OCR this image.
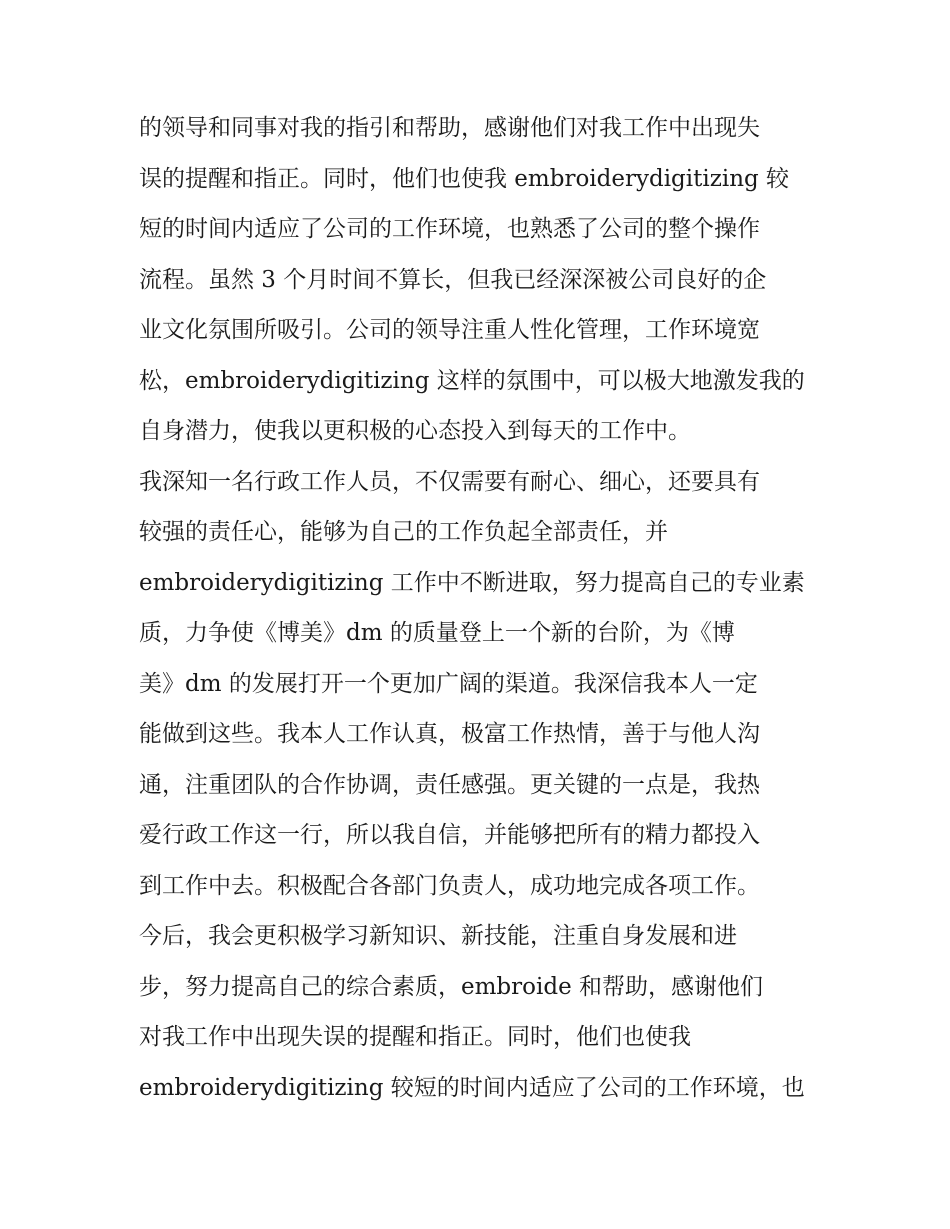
的领导和同事对我的指引和帮助，感谢他们对我工作中出现失
误的提醒和指正。同时，他们也使我 embroiderydigitizing 较
短的时间内适应了公司的工作环境，也熟悉了公司的整个操作
流程。虽然 3 个月时间不算长，但我已经深深被公司良好的企
业文化氛围所吸引。公司的领导注重人性化管理，工作环境宽
松，embroiderydigitizing 这样的氛围中，可以极大地激发我的
自身潜力，使我以更积极的心态投入到每天的工作中。
我深知一名行政工作人员，不仅需要有耐心、细心，还要具有
较强的责任心，能够为自己的工作负起全部责任，并
embroiderydigitizing 工作中不断进取，努力提高自己的专业素
质，力争使《博美》dm 的质量登上一个新的台阶，为《博
美》dm 的发展打开一个更加广阔的渠道。我深信我本人一定
能做到这些。我本人工作认真，极富工作热情，善于与他人沟
通，注重团队的合作协调，责任感强。更关键的一点是，我热
爱行政工作这一行，所以我自信，并能够把所有的精力都投入
到工作中去。积极配合各部门负责人，成功地完成各项工作。
今后，我会更积极学习新知识、新技能，注重自身发展和进
步，努力提高自己的综合素质，embroide 和帮助，感谢他们
对我工作中出现失误的提醒和指正。同时，他们也使我
embroiderydigitizing 较短的时间内适应了公司的工作环境，也
